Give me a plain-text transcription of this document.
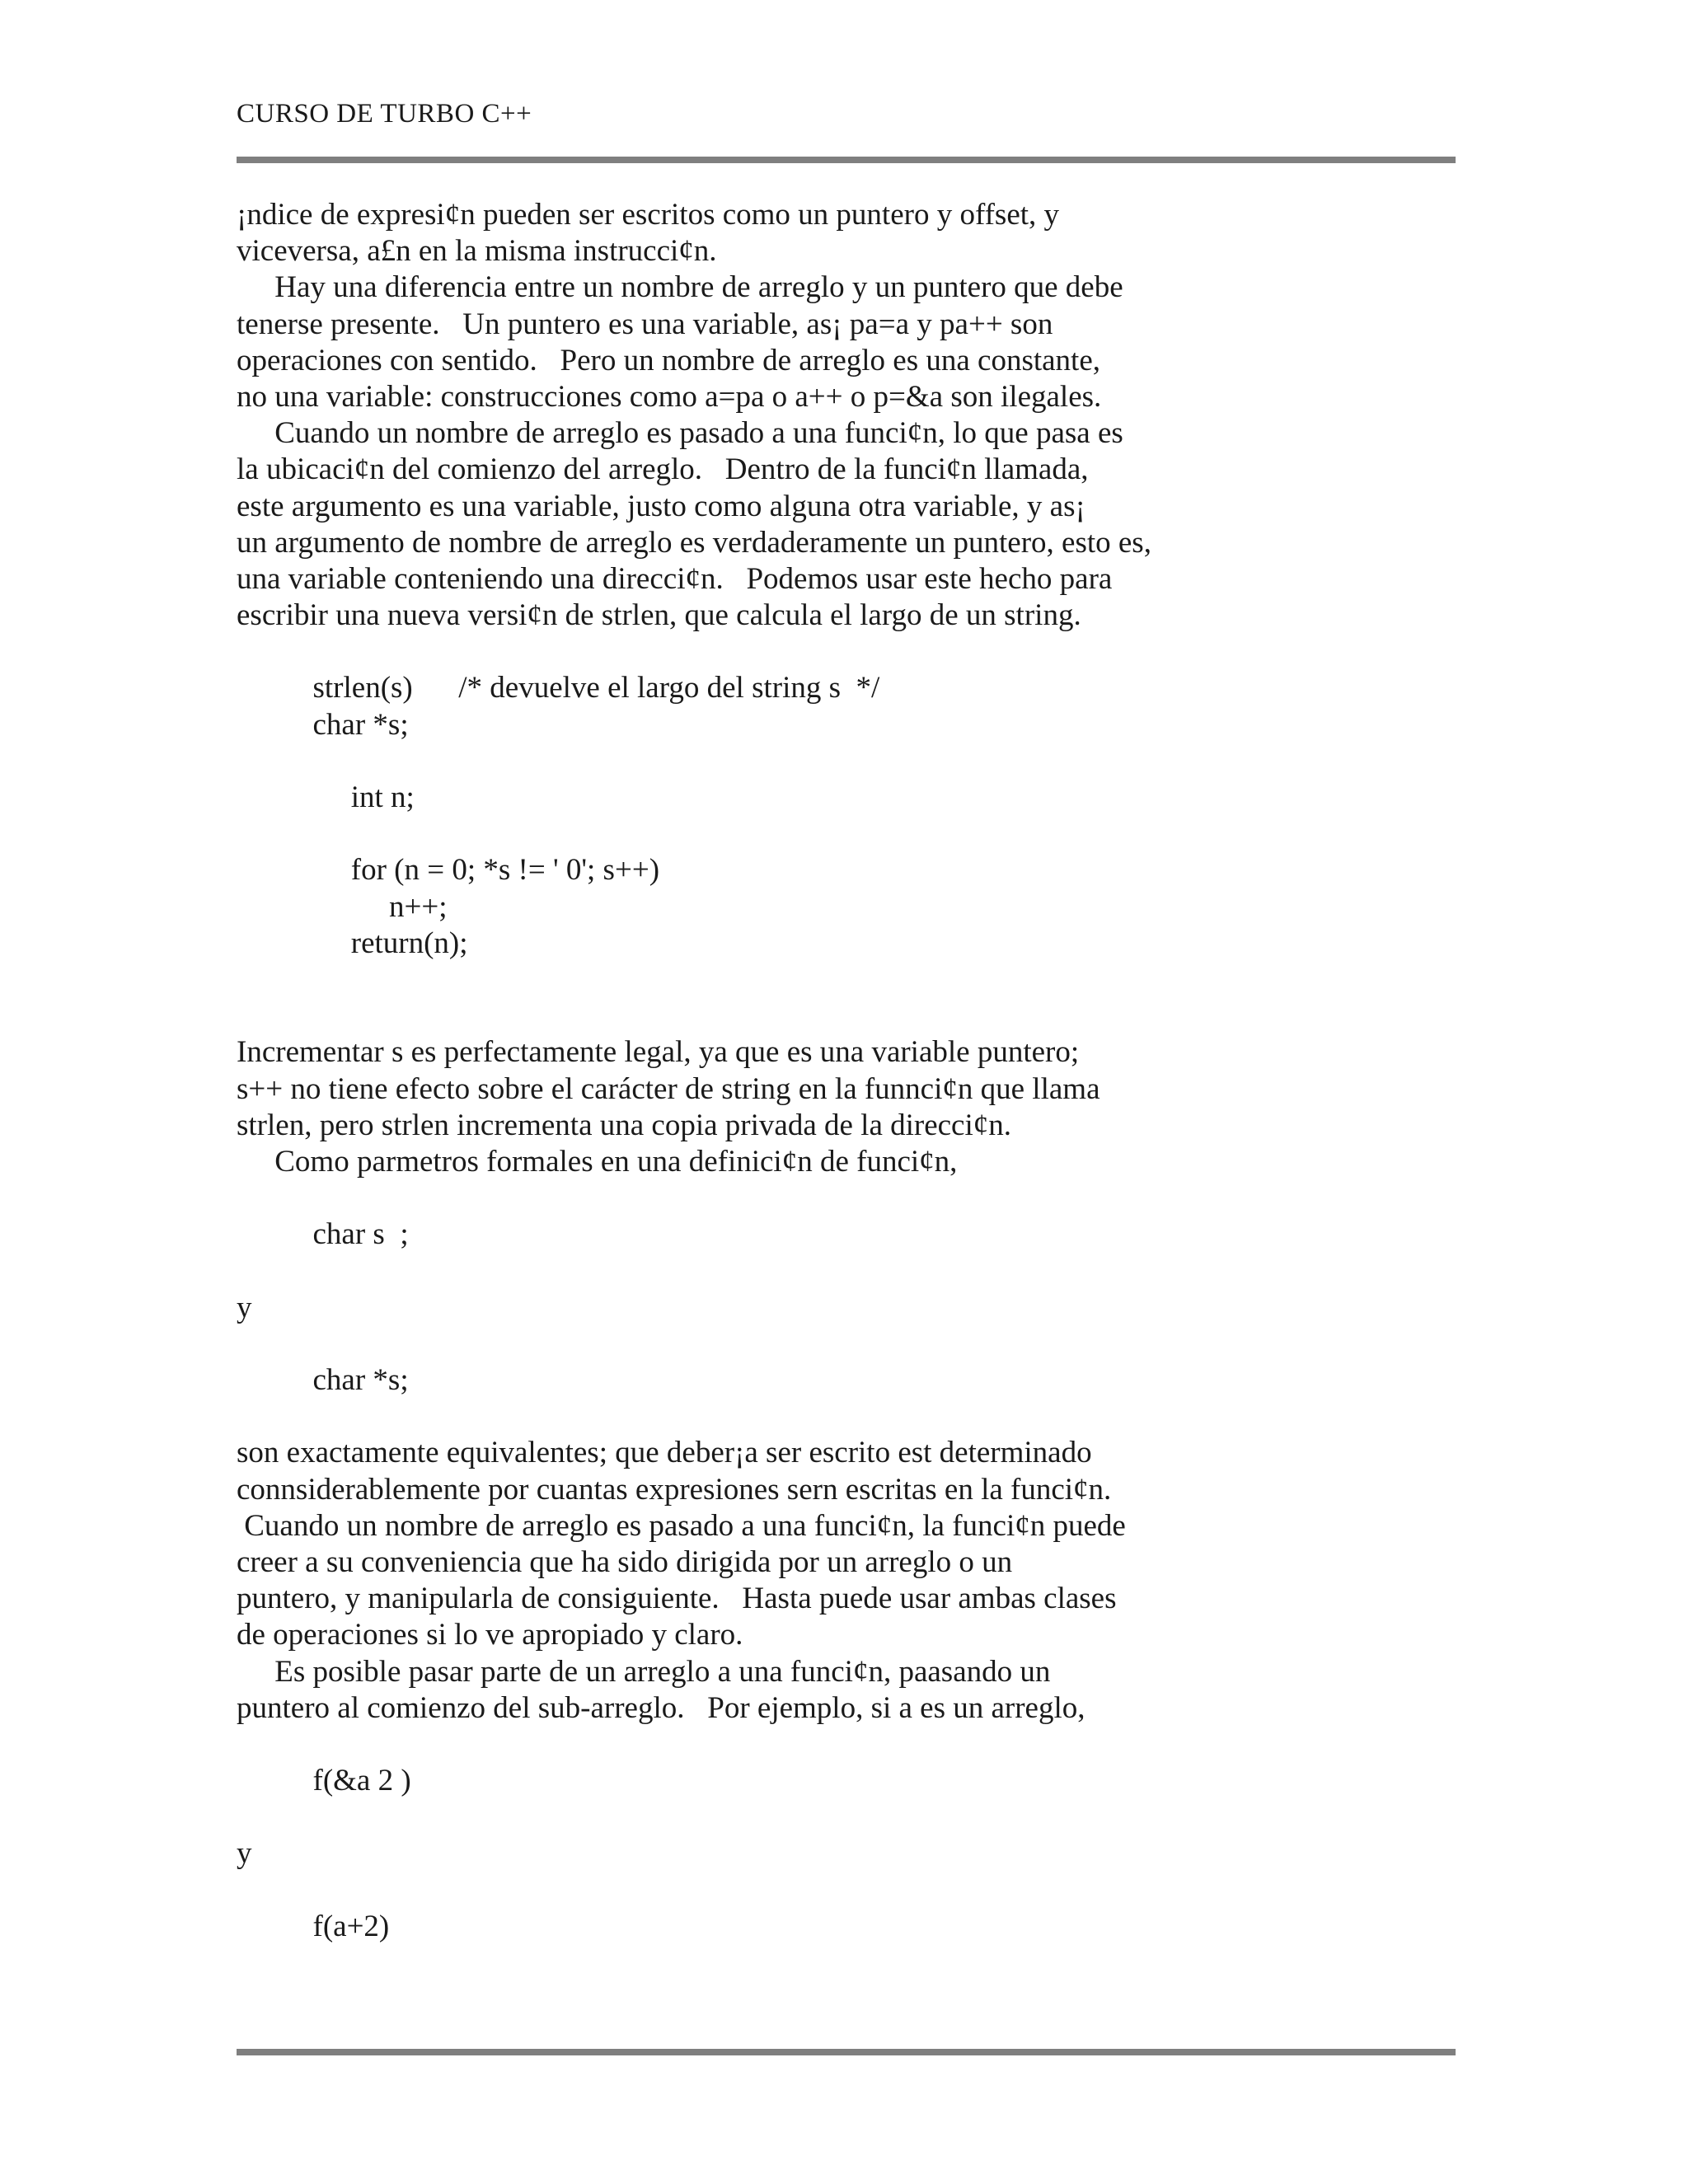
CURSO DE TURBO C++
¡ndice de expresi¢n pueden ser escritos como un puntero y offset, y
viceversa, a£n en la misma instrucci¢n.
Hay una diferencia entre un nombre de arreglo y un puntero que debe
tenerse presente.   Un puntero es una variable, as¡ pa=a y pa++ son
operaciones con sentido.   Pero un nombre de arreglo es una constante,
no una variable: construcciones como a=pa o a++ o p=&a son ilegales.
Cuando un nombre de arreglo es pasado a una funci¢n, lo que pasa es
la ubicaci¢n del comienzo del arreglo.   Dentro de la funci¢n llamada,
este argumento es una variable, justo como alguna otra variable, y as¡
un argumento de nombre de arreglo es verdaderamente un puntero, esto es,
una variable conteniendo una direcci¢n.   Podemos usar este hecho para
escribir una nueva versi¢n de strlen, que calcula el largo de un string.
strlen(s)      /* devuelve el largo del string s  */
char *s;
int n;
for (n = 0; *s != ' 0'; s++)
n++;
return(n);
Incrementar s es perfectamente legal, ya que es una variable puntero;
s++ no tiene efecto sobre el carácter de string en la funnci¢n que llama
strlen, pero strlen incrementa una copia privada de la direcci¢n.
Como parmetros formales en una definici¢n de funci¢n,
char s  ;
y
char *s;
son exactamente equivalentes; que deber¡a ser escrito est determinado
connsiderablemente por cuantas expresiones sern escritas en la funci¢n.
Cuando un nombre de arreglo es pasado a una funci¢n, la funci¢n puede
creer a su conveniencia que ha sido dirigida por un arreglo o un
puntero, y manipularla de consiguiente.   Hasta puede usar ambas clases
de operaciones si lo ve apropiado y claro.
Es posible pasar parte de un arreglo a una funci¢n, paasando un
puntero al comienzo del sub-arreglo.   Por ejemplo, si a es un arreglo,
f(&a 2 )
y
f(a+2)
